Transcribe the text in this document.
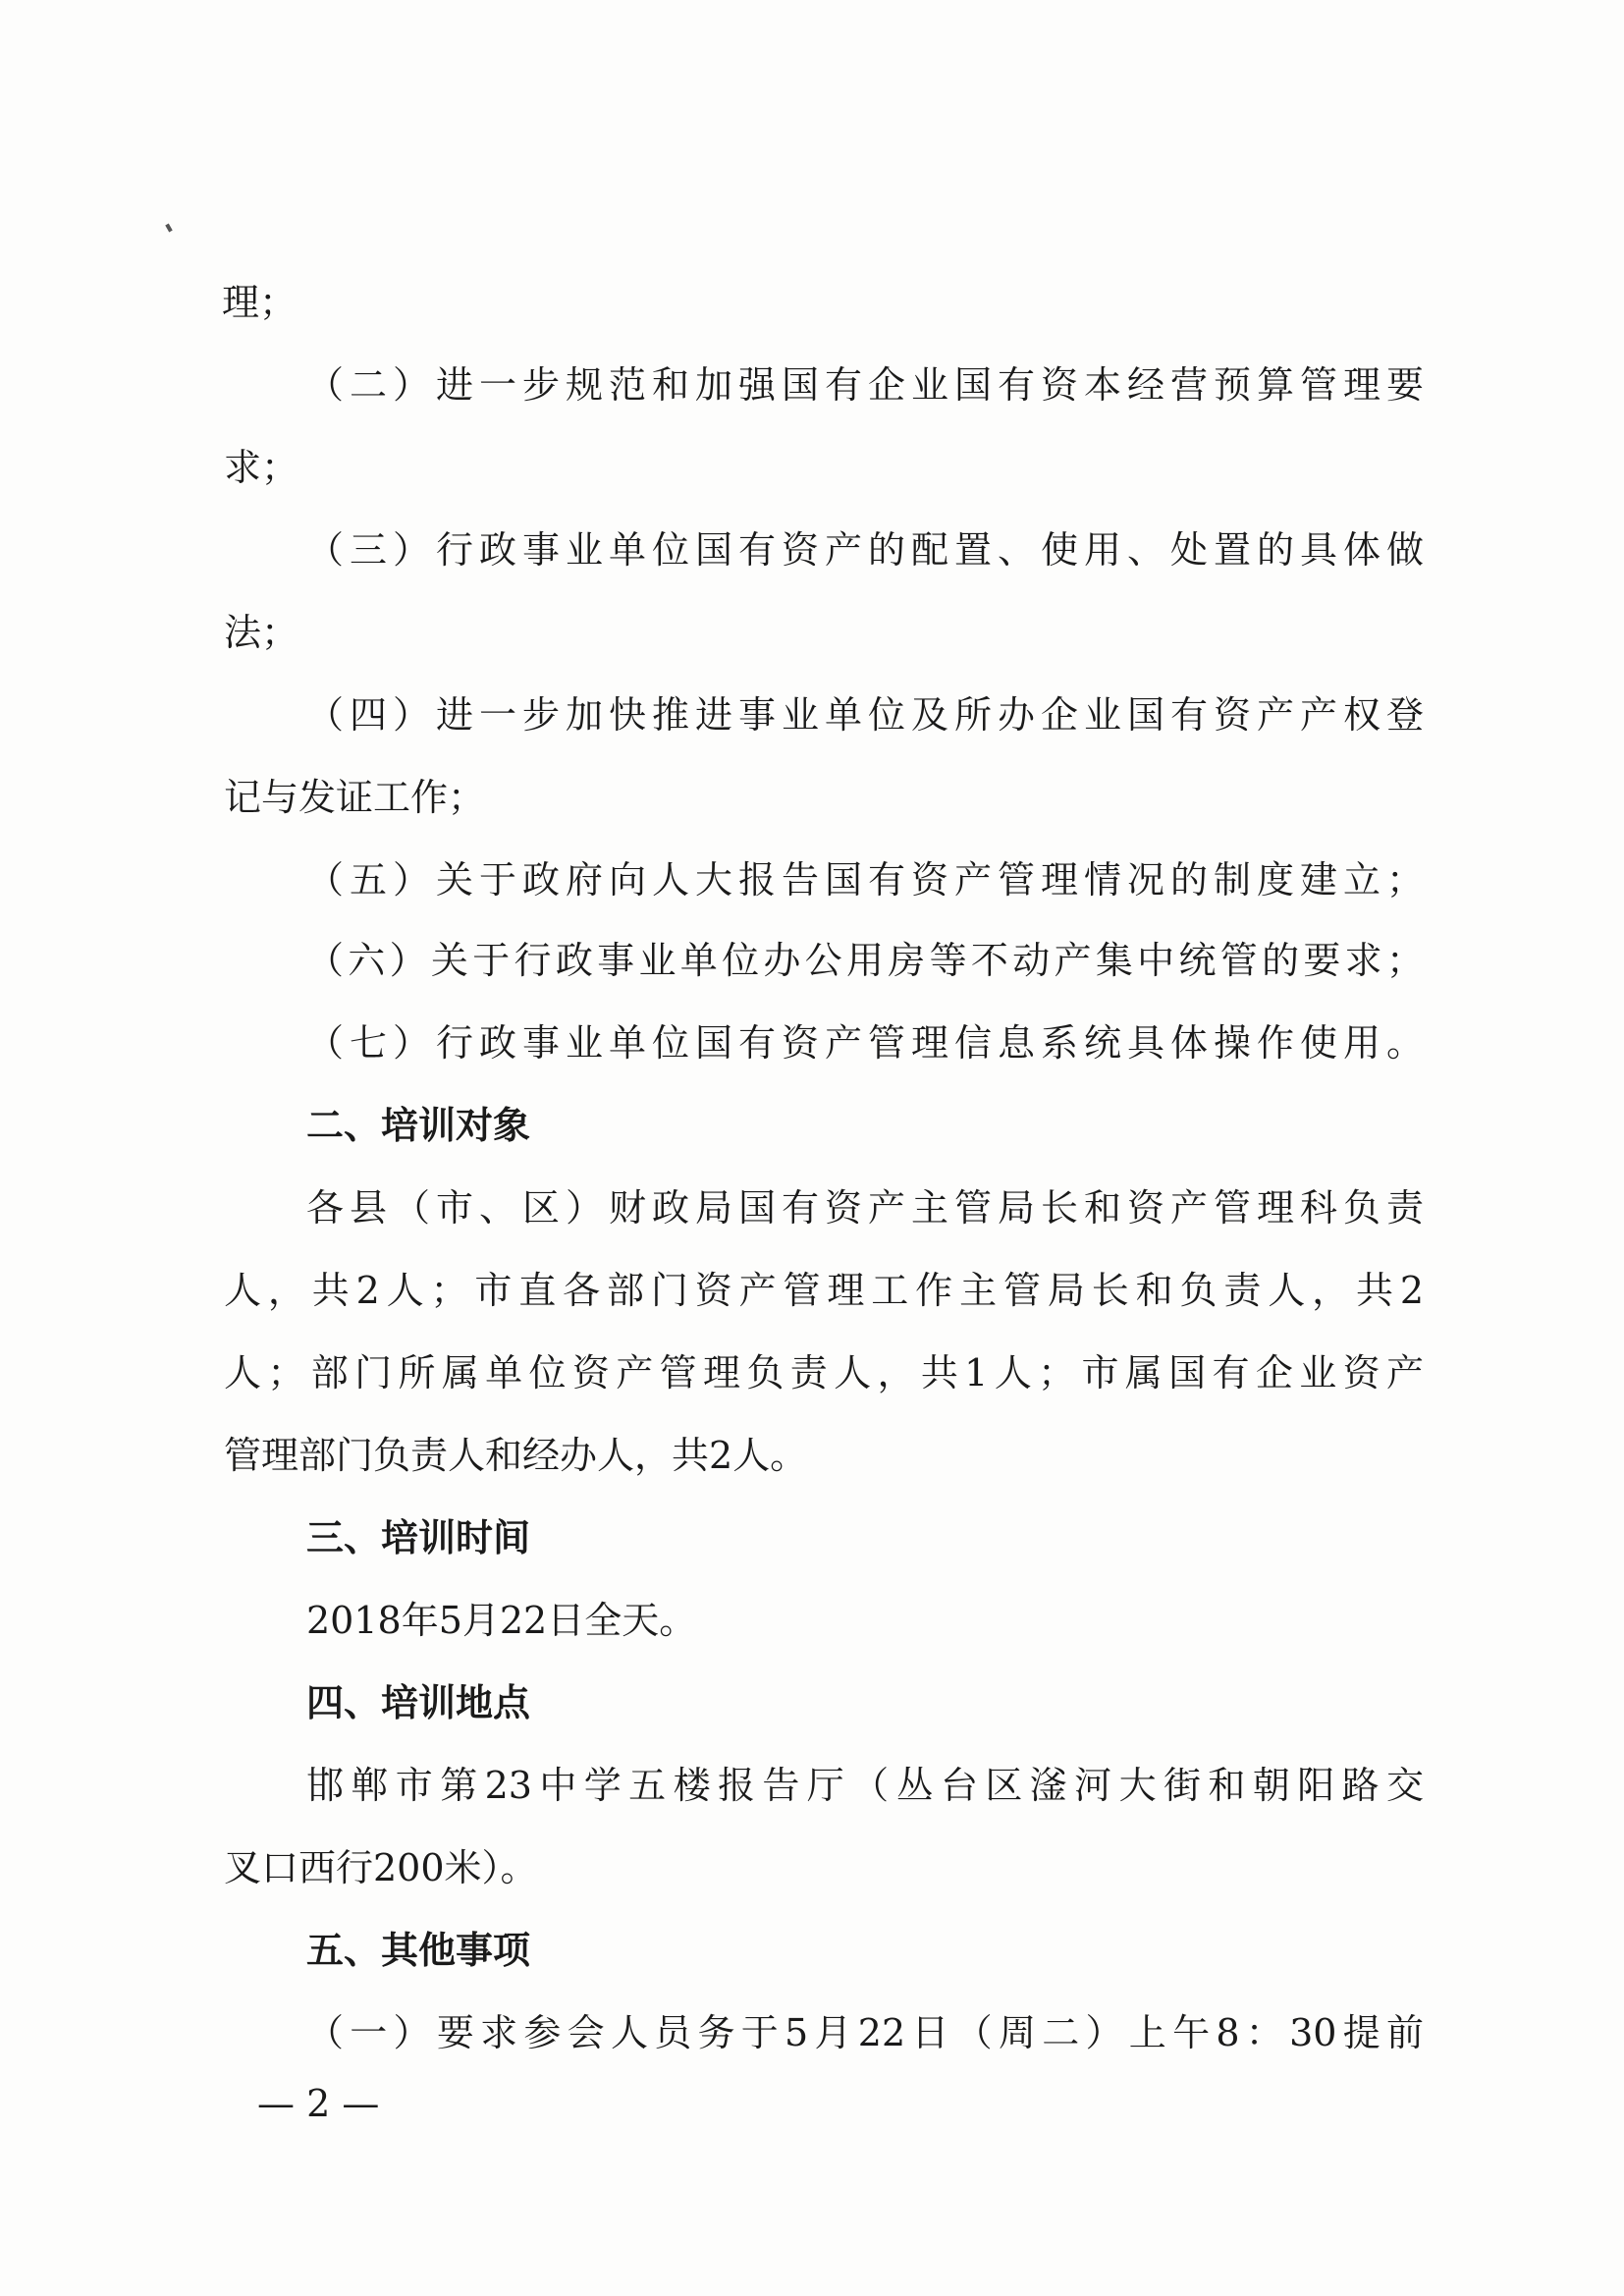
理；
（二）进一步规范和加强国有企业国有资本经营预算管理要
求；
（三）行政事业单位国有资产的配置、使用、处置的具体做
法；
（四）进一步加快推进事业单位及所办企业国有资产产权登
记与发证工作；
（五）关于政府向人大报告国有资产管理情况的制度建立；
（六）关于行政事业单位办公用房等不动产集中统管的要求；
（七）行政事业单位国有资产管理信息系统具体操作使用。
二、培训对象
各县（市、区）财政局国有资产主管局长和资产管理科负责
人，共2人；市直各部门资产管理工作主管局长和负责人，共2
人；部门所属单位资产管理负责人，共1人；市属国有企业资产
管理部门负责人和经办人，共2人。
三、培训时间
2018年5月22日全天。
四、培训地点
邯郸市第23中学五楼报告厅（丛台区滏河大街和朝阳路交
叉口西行200米）。
五、其他事项
（一）要求参会人员务于5月22日（周二）上午8：30提前
— 2 —
